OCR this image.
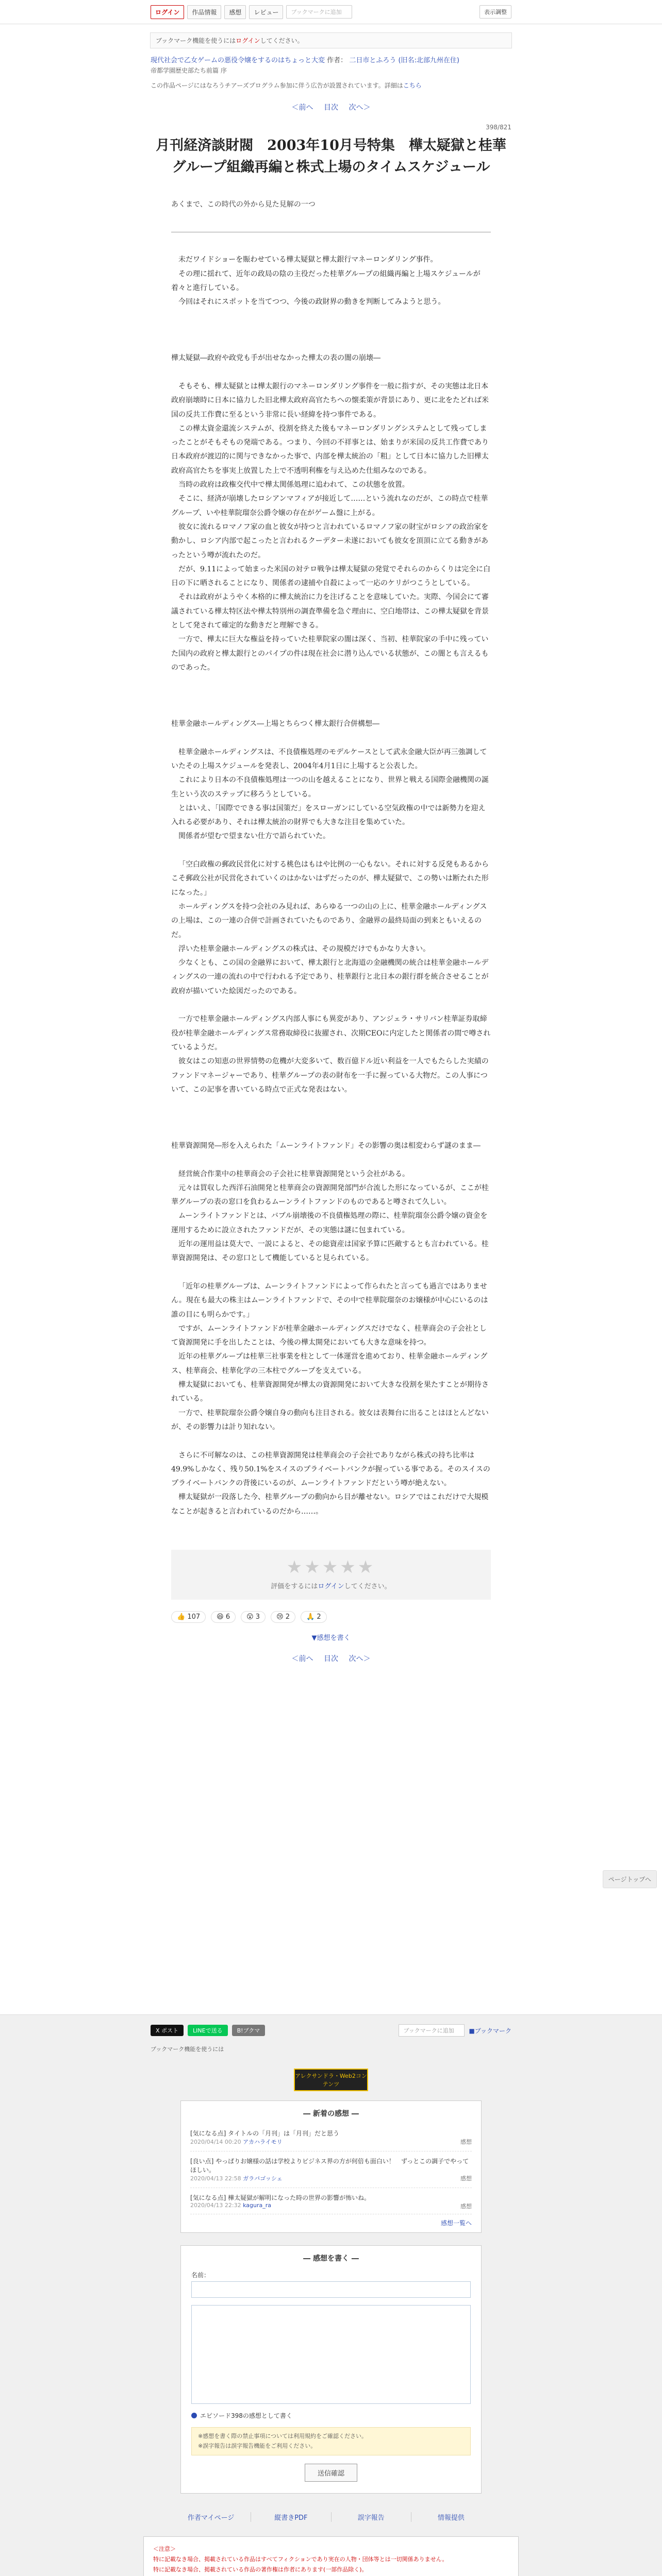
ログイン	作品情報	感想	レビュー	ブックマークに追加	表示調整
ブックマーク機能を使うにはログインしてください。
現代社会で乙女ゲームの悪役令嬢をするのはちょっと大変 作者： 二日市とふろう (旧名:北部九州在住)
帝都学園歴史部たち前篇 序
この作品ページにはなろうチアーズプログラム参加に伴う広告が設置されています。詳細はこちら
＜前へ 目次 次へ＞
398/821
月刊経済談財閥　2003年10月号特集　樺太疑獄と桂華グループ組織再編と株式上場のタイムスケジュール
あくまで、この時代の外から見た見解の一つ

未だワイドショーを賑わせている樺太疑獄と樺太銀行マネーロンダリング事件。

その理に揺れて、近年の政局の陰の主役だった桂華グループの組織再編と上場スケジュールが着々と進行している。

今回はそれにスポットを当てつつ、今後の政財界の動きを判断してみようと思う。

樺太疑獄―政府や政党も手が出せなかった樺太の表の闇の崩壊―

そもそも、樺太疑獄とは樺太銀行のマネーロンダリング事件を一般に指すが、その実態は北日本政府崩壊時に日本に協力した旧北樺太政府高官たちへの懐柔策が背景にあり、更に北をたどれば米国の反共工作費に至るという非常に長い経緯を持つ事件である。

この樺太資金還流システムが、役割を終えた後もマネーロンダリングシステムとして残ってしまったことがそもそもの発端である。つまり、今回の不祥事とは、始まりが米国の反共工作費であり日本政府が渡辺的に関与できなかった事で、内部を樺太統治の「粗」として日本に協力した旧樺太政府高官たちを事実上放置した上で不透明利権を与え込めた仕組みなのである。

当時の政府は政権交代中で樺太関係処理に追われて、この状態を放置。

そこに、経済が崩壊したロシアンマフィアが接近して……という流れなのだが、この時点で桂華グループ、いや桂華院瑠奈公爵令嬢の存在がゲーム盤に上がる。

彼女に流れるロマノフ家の血と彼女が持つと言われているロマノフ家の財宝がロシアの政治家を動かし、ロシア内部で起こったと言われるクーデター未遂においても彼女を頂頂に立てる動きがあったという噂が流れたのだ。

だが、9.11によって始まった米国の対テロ戦争は樺太疑獄の発覚でそれらのからくりは完全に白日の下に晒されることになり、関係者の逮捕や自殺によって一応のケリがつこうとしている。

それは政府がようやく本格的に樺太統治に力を注げることを意味していた。実際、今国会にて審議されている樺太特区法や樺太特別州の調査準備を急ぐ理由に、空白地帯は、この樺太疑獄を背景として発されて確定的な動きだと理解できる。

一方で、樺太に巨大な権益を持っていた桂華院家の闇は深く、当初、桂華院家の手中に残っていた国内の政府と樺太銀行とのパイプの件は現在社会に潜り込んでいる状態が、この闇とも言えるものであった。

桂華金融ホールディングス―上場とちらつく樺太銀行合併構想―

桂華金融ホールディングスは、不良債権処理のモデルケースとして武永金融大臣が再三強調していたその上場スケジュールを発表し、2004年4月1日に上場すると公表した。

これにより日本の不良債権処理は一つの山を越えることになり、世界と戦える国際金融機関の誕生という次のステップに移ろうとしている。

とはいえ、「国際でできる事は国策だ」をスローガンにしている空気政権の中では新勢力を迎え入れる必要があり、それは樺太統治の財界でも大きな注目を集めていた。

関係者が望むで望まない仕方で語られていた。

「空白政権の郵政民営化に対する桃色はもはや比例の一心もない。それに対する反発もあるからこそ郵政公社が民営化されていくのはかないはずだったのが、樺太疑獄で、この勢いは断たれた形になった。」

ホールディングスを持つ会社のみ見れば、あらゆる一つの山の上に、桂華金融ホールディングスの上場は、この一連の合併で計画されていたものであり、金融界の最終局面の到来ともいえるのだ。

浮いた桂華金融ホールディングスの株式は、その規模だけでもかなり大きい。

少なくとも、この国の金融界において、樺太銀行と北海道の金融機関の統合は桂華金融ホールディングスの一連の流れの中で行われる予定であり、桂華銀行と北日本の銀行群を統合させることが政府が描いていた絵図だったのである。

一方で桂華金融ホールディングス内部人事にも異変があり、アンジェラ・サリバン桂華証券取締役が桂華金融ホールディングス常務取締役に抜擢され、次期CEOに内定したと関係者の間で噂されているようだ。

彼女はこの知恵の世界情勢の危機が大変多いて、数百億ドル近い利益を一人でもたらした実績のファンドマネージャーであり、桂華グループの表の財布を一手に握っている大物だ。この人事について、この記事を書いている時点で正式な発表はない。

桂華資源開発―形を入えられた「ムーンライトファンド」その影響の奥は相変わらず謎のまま―

経営統合作業中の桂華商会の子会社に桂華資源開発という会社がある。

元々は買収した西洋石油開発と桂華商会の資源開発部門が合流した形になっているが、ここが桂華グループの表の窓口を負わるムーンライトファンドのものであると噂されて久しい。

ムーンライトファンドとは、バブル崩壊後の不良債権処理の際に、桂華院瑠奈公爵令嬢の資金を運用するために設立されたファンドだが、その実態は謎に包まれている。

近年の運用益は莫大で、一説によると、その総資産は国家予算に匹敵するとも言われている。桂華資源開発は、その窓口として機能していると見られている。

「近年の桂華グループは、ムーンライトファンドによって作られたと言っても過言ではありません。現在も最大の株主はムーンライトファンドで、その中で桂華院瑠奈のお嬢様が中心にいるのは誰の目にも明らかです。」

ですが、ムーンライトファンドが桂華金融ホールディングスだけでなく、桂華商会の子会社として資源開発に手を出したことは、今後の樺太開発においても大きな意味を持つ。

近年の桂華グループは桂華三社事業を柱として一体運営を進めており、桂華金融ホールディングス、桂華商会、桂華化学の三本柱でグループを支えている。

樺太疑獄においても、桂華資源開発が樺太の資源開発において大きな役割を果たすことが期待されている。

一方で、桂華院瑠奈公爵令嬢自身の動向も注目される。彼女は表舞台に出ることはほとんどないが、その影響力は計り知れない。

さらに不可解なのは、この桂華資源開発は桂華商会の子会社でありながら株式の持ち比率は49.9%しかなく、残り50.1%をスイスのプライベートバンクが握っている事である。そのスイスのプライベートバンクの背後にいるのが、ムーンライトファンドだという噂が絶えない。

樺太疑獄が一段落した今、桂華グループの動向から目が離せない。ロシアではこれだけで大規模なことが起きると言われているのだから……。

★★★★★
評価をするにはログインしてください。
👍 107	😆 6	😮 3	😢 2	🙏 2
▼感想を書く
＜前へ 目次 次へ＞
ページトップへ
X ポスト	LINEで送る	B!ブクマ	ブックマークに追加	■ブックマーク
ブックマーク機能を使うには
アレクサンドラ・Web2コンテンツ
― 新着の感想 ―
[気になる点] タイトルの「月刊」は「月刊」だと思う
2020/04/14 00:20 アカハライモリ	感想
[良い点] やっぱりお嬢様の話は学校よりビジネス界の方が何倍も面白い！　ずっとこの調子でやってほしい。
2020/04/13 22:58 ガラパゴッシェ	感想
[気になる点] 樺太疑獄が解明になった時の世界の影響が怖いね。
2020/04/13 22:32 kagura_ra	感想
感想一覧へ
― 感想を書く ―
名前：
エピソード398の感想として書く
※感想を書く際の禁止事項については利用規約をご確認ください。
※誤字報告は誤字報告機能をご利用ください。
送信確認
作者マイページ	縦書きPDF	誤字報告	情報提供
＜注意＞
特に記載なき場合、掲載されている作品はすべてフィクションであり実在の人物・団体等とは一切関係ありません。
特に記載なき場合、掲載されている作品の著作権は作者にあります(一部作品除く)。
